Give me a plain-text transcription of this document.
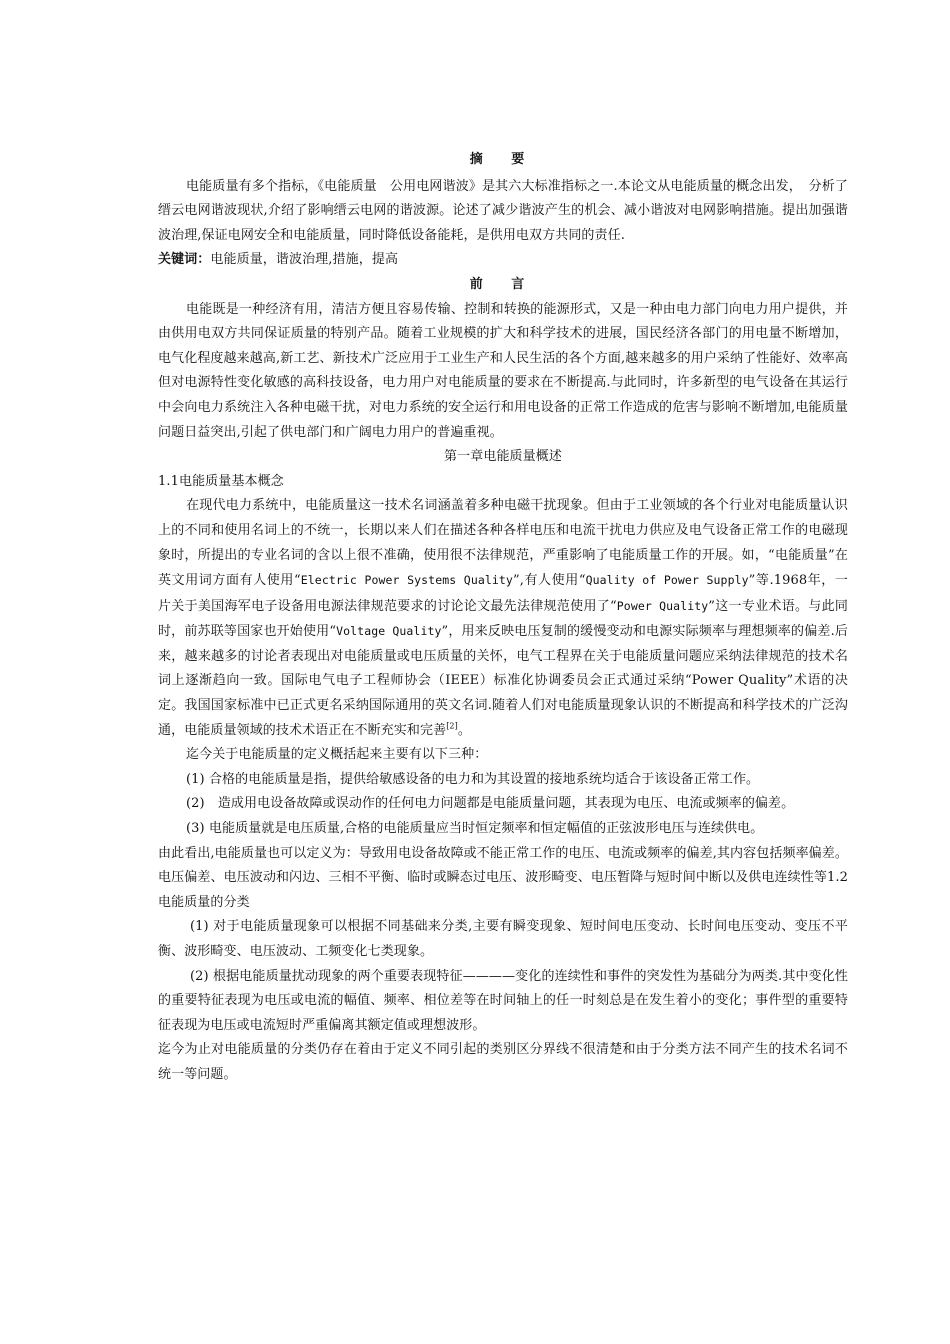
摘 要

电能质量有多个指标，《电能质量　公用电网谐波》是其六大标准指标之一.本论文从电能质量的概念出发，　分析了缙云电网谐波现状,介绍了影响缙云电网的谐波源。论述了减少谐波产生的机会、减小谐波对电网影响措施。提出加强谐波治理,保证电网安全和电能质量，同时降低设备能耗，是供用电双方共同的责任.

关键词：电能质量，谐波治理,措施，提高

前 言

电能既是一种经济有用，清洁方便且容易传输、控制和转换的能源形式，又是一种由电力部门向电力用户提供，并由供用电双方共同保证质量的特别产品。随着工业规模的扩大和科学技术的进展，国民经济各部门的用电量不断增加，电气化程度越来越高,新工艺、新技术广泛应用于工业生产和人民生活的各个方面,越来越多的用户采纳了性能好、效率高但对电源特性变化敏感的高科技设备，电力用户对电能质量的要求在不断提高.与此同时，许多新型的电气设备在其运行中会向电力系统注入各种电磁干扰，对电力系统的安全运行和用电设备的正常工作造成的危害与影响不断增加,电能质量问题日益突出,引起了供电部门和广阔电力用户的普遍重视。

第一章电能质量概述

1.1电能质量基本概念

在现代电力系统中，电能质量这一技术名词涵盖着多种电磁干扰现象。但由于工业领域的各个行业对电能质量认识上的不同和使用名词上的不统一，长期以来人们在描述各种各样电压和电流干扰电力供应及电气设备正常工作的电磁现象时，所提出的专业名词的含以上很不准确，使用很不法律规范，严重影响了电能质量工作的开展。如，“电能质量”在英文用词方面有人使用“Electric Power Systems Quality”,有人使用“Quality of Power Supply”等.1968年，一片关于美国海军电子设备用电源法律规范要求的讨论论文最先法律规范使用了“Power Quality”这一专业术语。与此同时，前苏联等国家也开始使用“Voltage Quality”，用来反映电压复制的缓慢变动和电源实际频率与理想频率的偏差.后来，越来越多的讨论者表现出对电能质量或电压质量的关怀，电气工程界在关于电能质量问题应采纳法律规范的技术名词上逐渐趋向一致。国际电气电子工程师协会（IEEE）标准化协调委员会正式通过采纳“Power Quality”术语的决定。我国国家标准中已正式更名采纳国际通用的英文名词.随着人们对电能质量现象认识的不断提高和科学技术的广泛沟通，电能质量领域的技术术语正在不断充实和完善[2]。

迄今关于电能质量的定义概括起来主要有以下三种：

(1) 合格的电能质量是指，提供给敏感设备的电力和为其设置的接地系统均适合于该设备正常工作。

(2)　造成用电设备故障或误动作的任何电力问题都是电能质量问题，其表现为电压、电流或频率的偏差。

(3) 电能质量就是电压质量,合格的电能质量应当时恒定频率和恒定幅值的正弦波形电压与连续供电。

由此看出,电能质量也可以定义为：导致用电设备故障或不能正常工作的电压、电流或频率的偏差,其内容包括频率偏差。电压偏差、电压波动和闪边、三相不平衡、临时或瞬态过电压、波形畸变、电压暂降与短时间中断以及供电连续性等1.2电能质量的分类

(1) 对于电能质量现象可以根据不同基础来分类,主要有瞬变现象、短时间电压变动、长时间电压变动、变压不平衡、波形畸变、电压波动、工频变化七类现象。

(2) 根据电能质量扰动现象的两个重要表现特征————变化的连续性和事件的突发性为基础分为两类.其中变化性的重要特征表现为电压或电流的幅值、频率、相位差等在时间轴上的任一时刻总是在发生着小的变化；事件型的重要特征表现为电压或电流短时严重偏离其额定值或理想波形。

迄今为止对电能质量的分类仍存在着由于定义不同引起的类别区分界线不很清楚和由于分类方法不同产生的技术名词不统一等问题。
